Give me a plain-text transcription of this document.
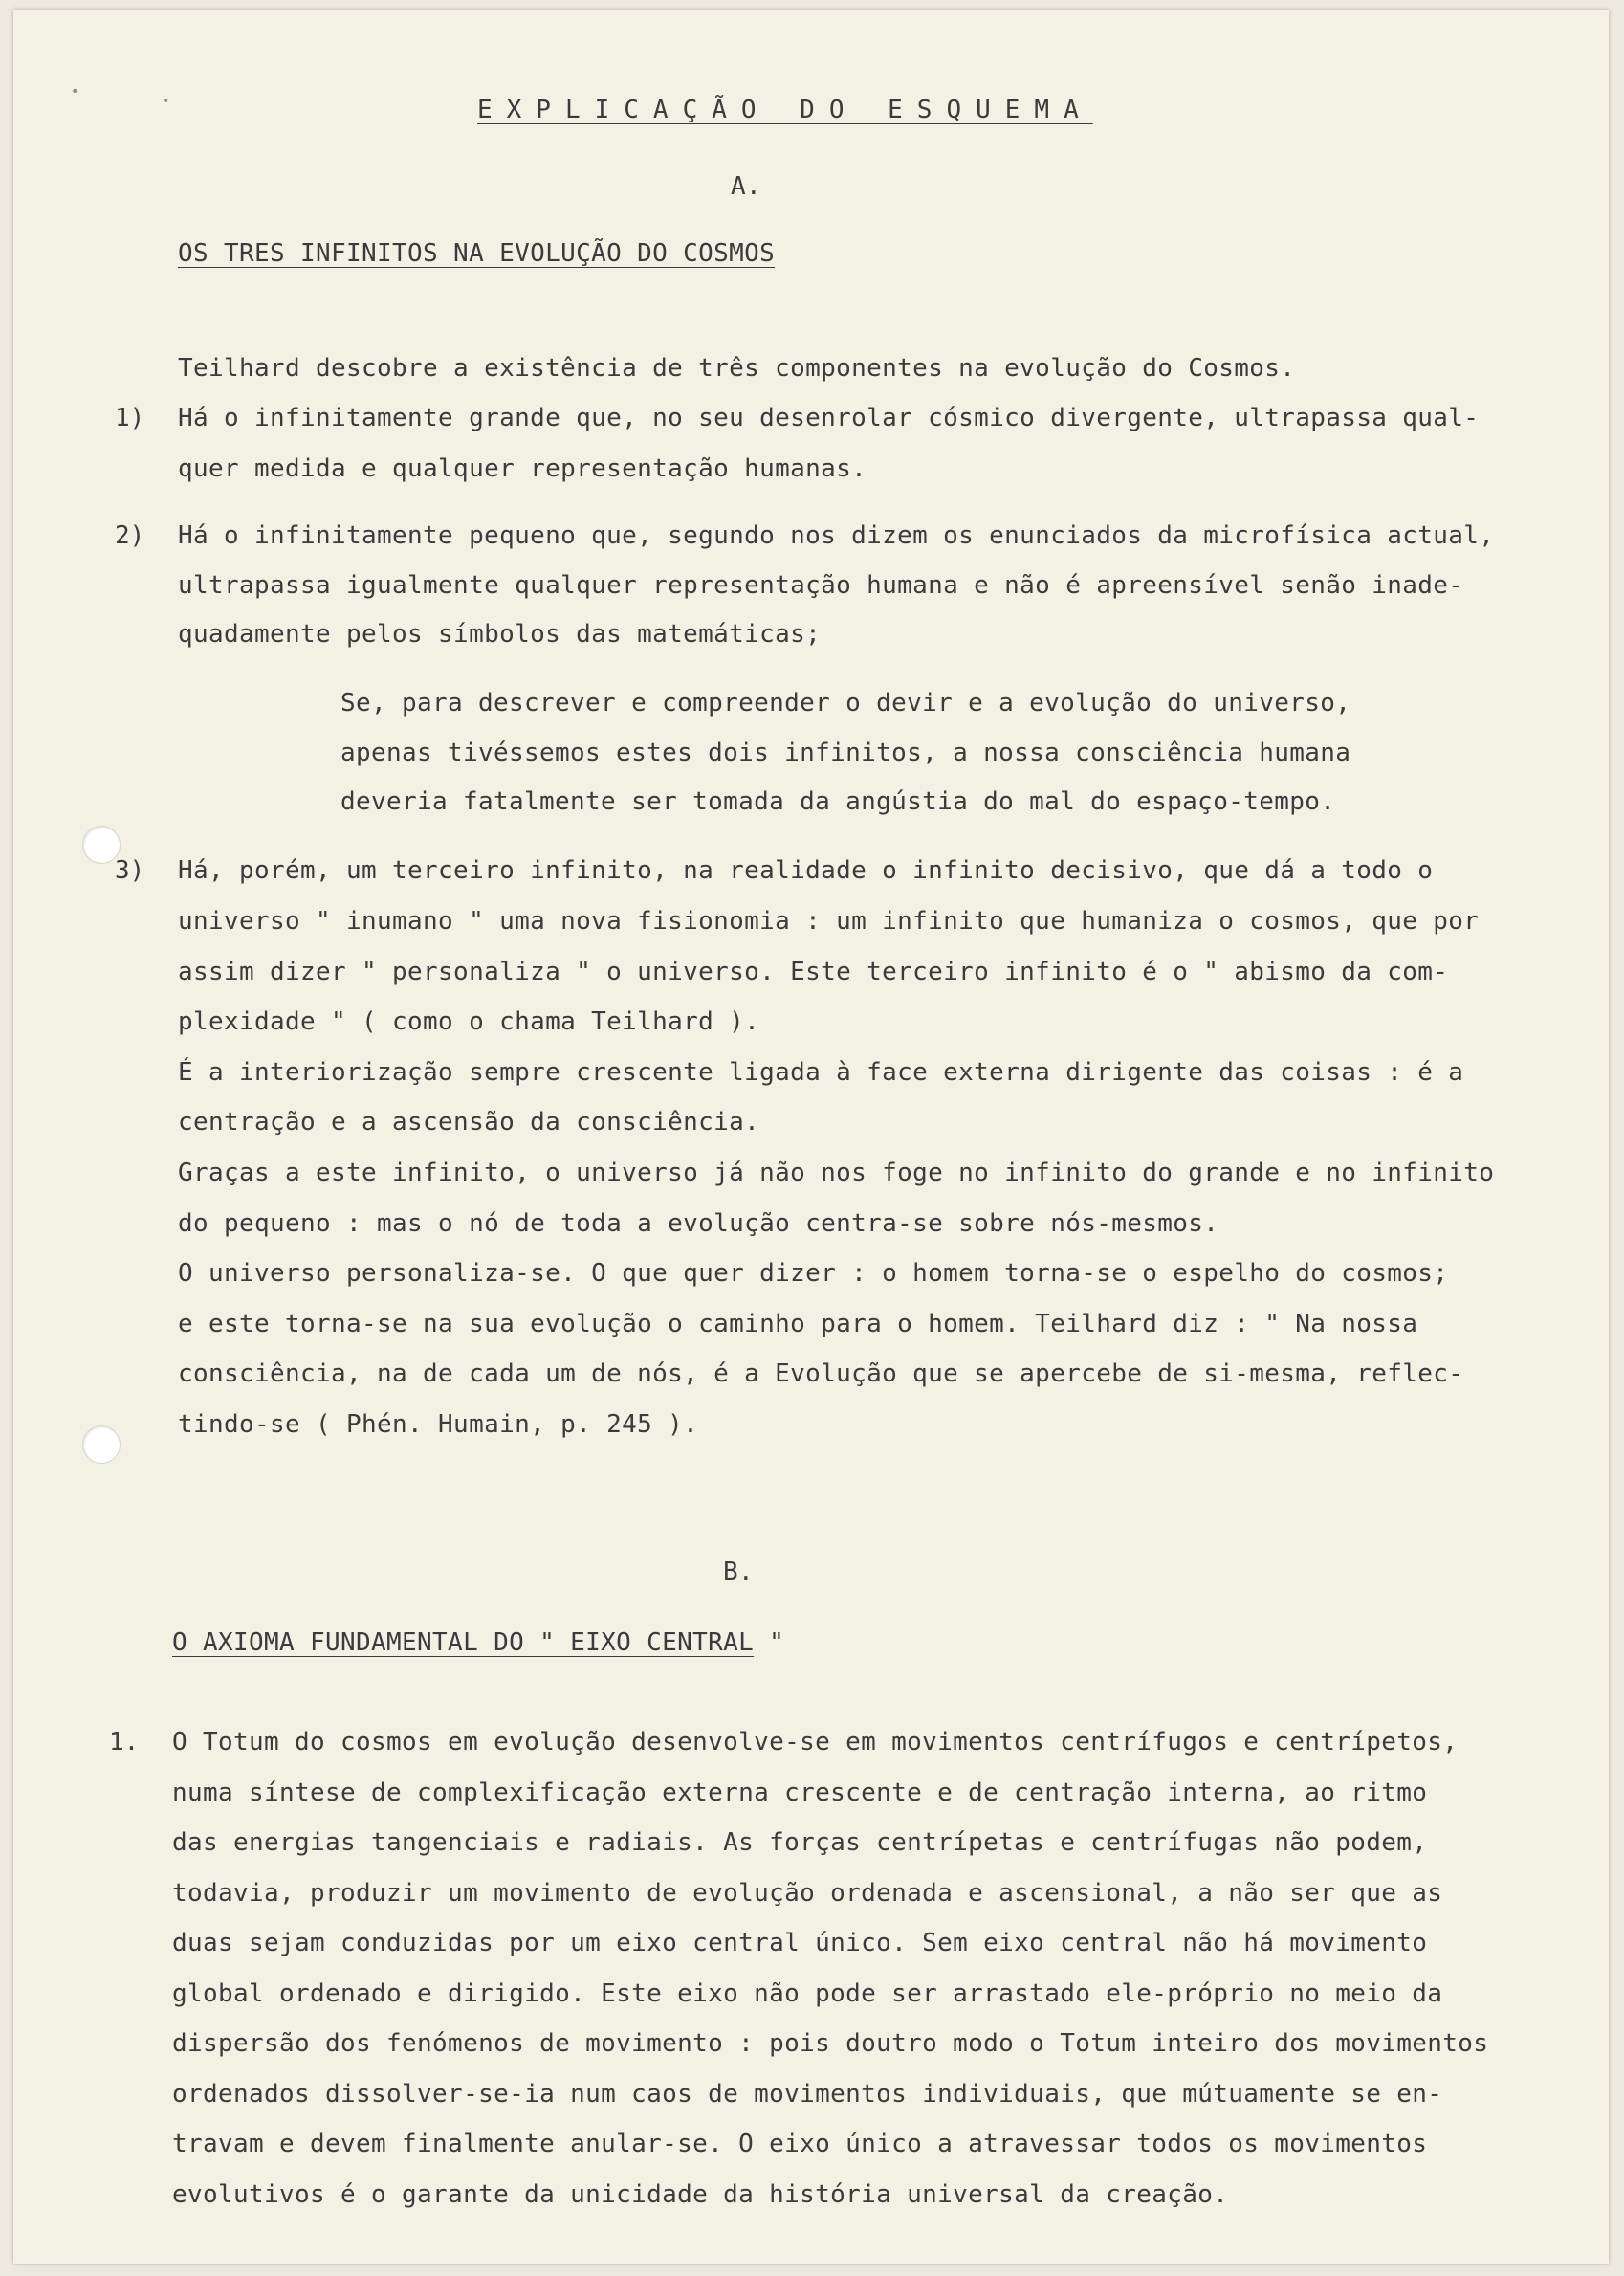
•
•	EXPLICAÇÃO DO ESQUEMA
A.
OS TRES INFINITOS NA EVOLUÇÃO DO COSMOS
Teilhard descobre a existência de três componentes na evolução do Cosmos.
1) Há o infinitamente grande que, no seu desenrolar cósmico divergente, ultrapassa qual-
quer medida e qualquer representação humanas.
2) Há o infinitamente pequeno que, segundo nos dizem os enunciados da microfísica actual,
ultrapassa igualmente qualquer representação humana e não é apreensível senão inade-
quadamente pelos símbolos das matemáticas;
Se, para descrever e compreender o devir e a evolução do universo,
apenas tivéssemos estes dois infinitos, a nossa consciência humana
deveria fatalmente ser tomada da angústia do mal do espaço-tempo.
3) Há, porém, um terceiro infinito, na realidade o infinito decisivo, que dá a todo o
universo " inumano " uma nova fisionomia : um infinito que humaniza o cosmos, que por
assim dizer " personaliza " o universo. Este terceiro infinito é o " abismo da com-
plexidade " ( como o chama Teilhard ).
É a interiorização sempre crescente ligada à face externa dirigente das coisas : é a
centração e a ascensão da consciência.
Graças a este infinito, o universo já não nos foge no infinito do grande e no infinito
do pequeno : mas o nó de toda a evolução centra-se sobre nós-mesmos.
O universo personaliza-se. O que quer dizer : o homem torna-se o espelho do cosmos;
e este torna-se na sua evolução o caminho para o homem. Teilhard diz : " Na nossa
consciência, na de cada um de nós, é a Evolução que se apercebe de si-mesma, reflec-
tindo-se ( Phén. Humain, p. 245 ).
B.
O AXIOMA FUNDAMENTAL DO " EIXO CENTRAL "
1. O Totum do cosmos em evolução desenvolve-se em movimentos centrífugos e centrípetos,
numa síntese de complexificação externa crescente e de centração interna, ao ritmo
das energias tangenciais e radiais. As forças centrípetas e centrífugas não podem,
todavia, produzir um movimento de evolução ordenada e ascensional, a não ser que as
duas sejam conduzidas por um eixo central único. Sem eixo central não há movimento
global ordenado e dirigido. Este eixo não pode ser arrastado ele-próprio no meio da
dispersão dos fenómenos de movimento : pois doutro modo o Totum inteiro dos movimentos
ordenados dissolver-se-ia num caos de movimentos individuais, que mútuamente se en-
travam e devem finalmente anular-se. O eixo único a atravessar todos os movimentos
evolutivos é o garante da unicidade da história universal da creação.
